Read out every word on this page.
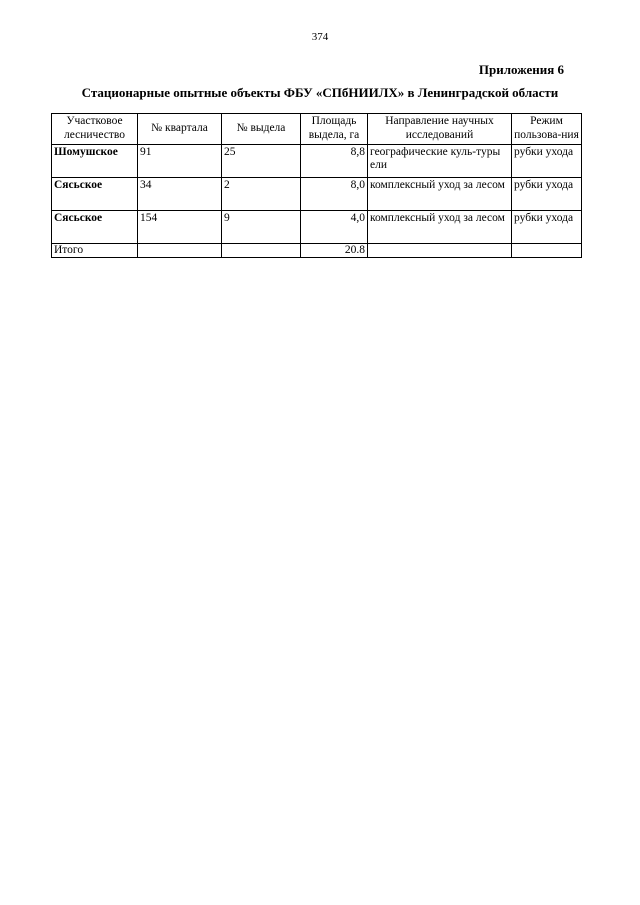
374
Приложения 6
Стационарные опытные объекты ФБУ «СПбНИИЛХ» в Ленинградской области
Участковое лесничество	№ квартала	№ выдела	Площадь выдела, га	Направление научных исследований	Режим пользова-ния
Шомушское	91	25	8,8	географические куль-туры ели	рубки ухода
Сясьское	34	2	8,0	комплексный уход за лесом	рубки ухода
Сясьское	154	9	4,0	комплексный уход за лесом	рубки ухода
Итого			20.8		
